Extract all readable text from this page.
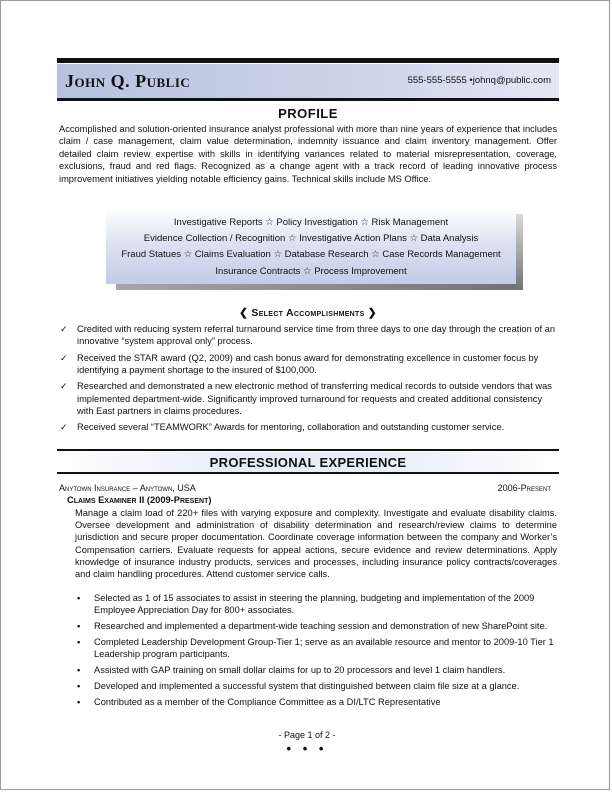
John Q. Public	555-555-5555 •johnq@public.com
PROFILE
Accomplished and solution-oriented insurance analyst professional with more than nine years of experience that includes claim / case management, claim value determination, indemnity issuance and claim inventory management. Offer detailed claim review expertise with skills in identifying variances related to material misrepresentation, coverage, exclusions, fraud and red flags. Recognized as a change agent with a track record of leading innovative process improvement initiatives yielding notable efficiency gains. Technical skills include MS Office.
Investigative Reports ☆ Policy Investigation ☆ Risk Management
Evidence Collection / Recognition ☆ Investigative Action Plans ☆ Data Analysis
Fraud Statues ☆ Claims Evaluation ☆ Database Research ☆ Case Records Management
Insurance Contracts ☆ Process Improvement
❮ Select Accomplishments ❯
✓ Credited with reducing system referral turnaround service time from three days to one day through the creation of an innovative “system approval only” process.
✓ Received the STAR award (Q2, 2009) and cash bonus award for demonstrating excellence in customer focus by identifying a payment shortage to the insured of $100,000.
✓ Researched and demonstrated a new electronic method of transferring medical records to outside vendors that was implemented department-wide. Significantly improved turnaround for requests and created additional consistency with East partners in claims procedures.
✓ Received several “TEAMWORK” Awards for mentoring, collaboration and outstanding customer service.
PROFESSIONAL EXPERIENCE
Anytown Insurance – Anytown, USA	2006-Present
Claims Examiner II (2009-Present)
Manage a claim load of 220+ files with varying exposure and complexity. Investigate and evaluate disability claims. Oversee development and administration of disability determination and research/review claims to determine jurisdiction and secure proper documentation. Coordinate coverage information between the company and Worker’s Compensation carriers. Evaluate requests for appeal actions, secure evidence and review determinations. Apply knowledge of insurance industry products, services and processes, including insurance policy contracts/coverages and claim handling procedures. Attend customer service calls.
• Selected as 1 of 15 associates to assist in steering the planning, budgeting and implementation of the 2009 Employee Appreciation Day for 800+ associates.
• Researched and implemented a department-wide teaching session and demonstration of new SharePoint site.
• Completed Leadership Development Group-Tier 1; serve as an available resource and mentor to 2009-10 Tier 1 Leadership program participants.
• Assisted with GAP training on small dollar claims for up to 20 processors and level 1 claim handlers.
• Developed and implemented a successful system that distinguished between claim file size at a glance.
• Contributed as a member of the Compliance Committee as a DI/LTC Representative
- Page 1 of 2 -
• • •
